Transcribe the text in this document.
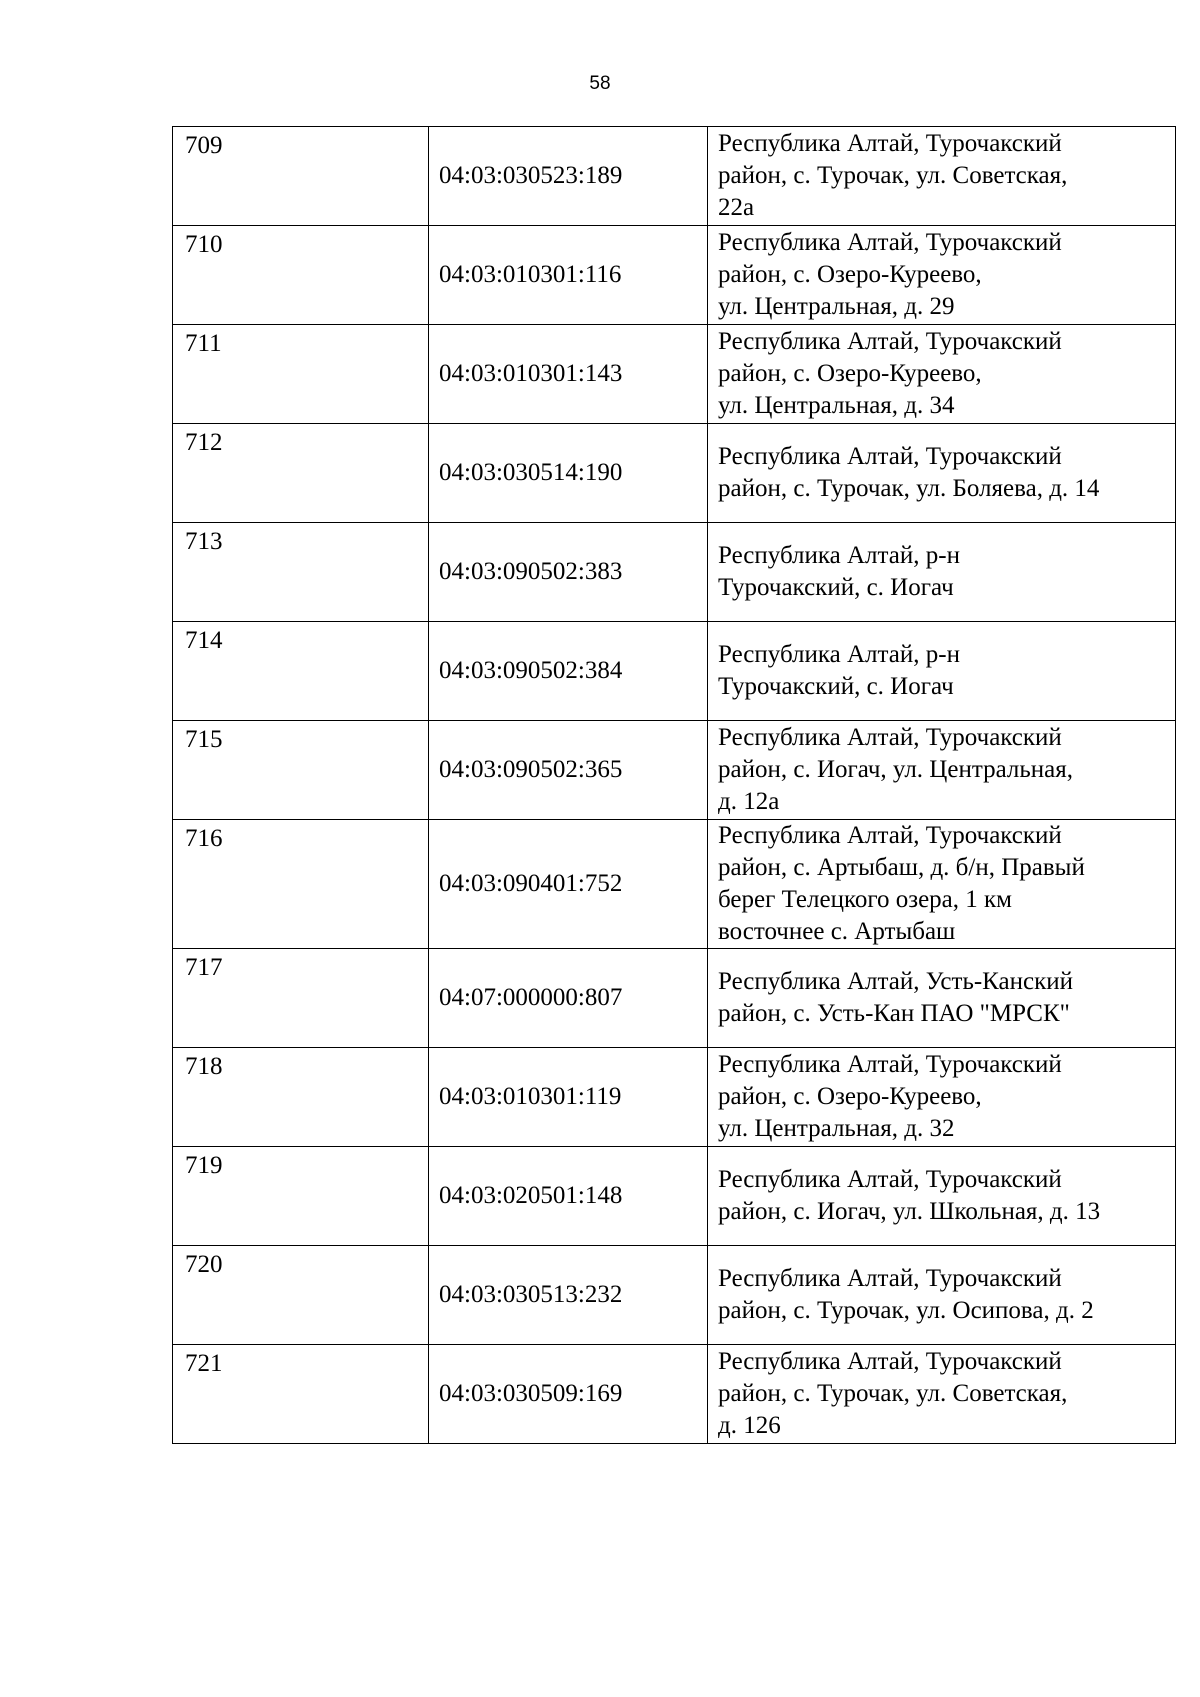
58
709	04:03:030523:189	Республика Алтай, Турочакский
район, с. Турочак, ул. Советская,
22а

710	04:03:010301:116	Республика Алтай, Турочакский
район, с. Озеро-Куреево,
ул. Центральная, д. 29

711	04:03:010301:143	Республика Алтай, Турочакский
район, с. Озеро-Куреево,
ул. Центральная, д. 34

712	04:03:030514:190	Республика Алтай, Турочакский
район, с. Турочак, ул. Боляева, д. 14

713	04:03:090502:383	Республика Алтай, р-н
Турочакский, с. Иогач

714	04:03:090502:384	Республика Алтай, р-н
Турочакский, с. Иогач

715	04:03:090502:365	Республика Алтай, Турочакский
район, с. Иогач, ул. Центральная,
д. 12а

716	04:03:090401:752	Республика Алтай, Турочакский
район, с. Артыбаш, д. б/н, Правый
берег Телецкого озера, 1 км
восточнее с. Артыбаш

717	04:07:000000:807	Республика Алтай, Усть-Канский
район, с. Усть-Кан ПАО "МРСК"

718	04:03:010301:119	Республика Алтай, Турочакский
район, с. Озеро-Куреево,
ул. Центральная, д. 32

719	04:03:020501:148	Республика Алтай, Турочакский
район, с. Иогач, ул. Школьная, д. 13

720	04:03:030513:232	Республика Алтай, Турочакский
район, с. Турочак, ул. Осипова, д. 2

721	04:03:030509:169	Республика Алтай, Турочакский
район, с. Турочак, ул. Советская,
д. 126
